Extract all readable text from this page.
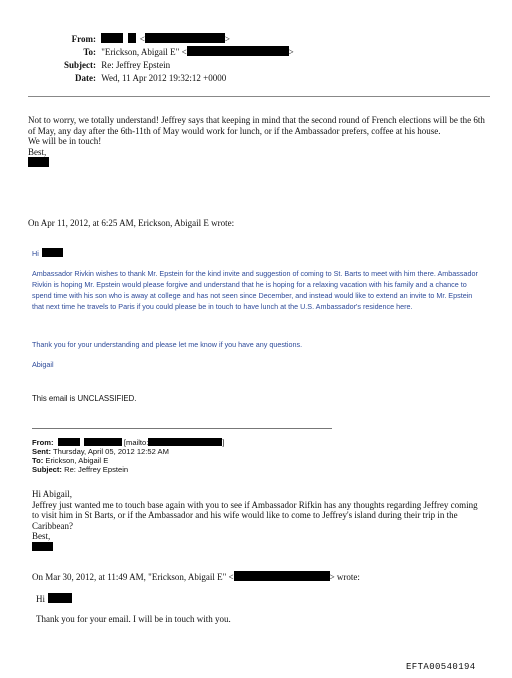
From:	<	>
To: "Erickson, Abigail E" <	>
Subject: Re: Jeffrey Epstein
Date: Wed, 11 Apr 2012 19:32:12 +0000
Not to worry, we totally understand! Jeffrey says that keeping in mind that the second round of French elections will be the 6th of May, any day after the 6th-11th of May would work for lunch, or if the Ambassador prefers, coffee at his house.
We will be in touch!
Best,
On Apr 11, 2012, at 6:25 AM, Erickson, Abigail E wrote:
Hi
Ambassador Rivkin wishes to thank Mr. Epstein for the kind invite and suggestion of coming to St. Barts to meet with him there. Ambassador Rivkin is hoping Mr. Epstein would please forgive and understand that he is hoping for a relaxing vacation with his family and a chance to spend time with his son who is away at college and has not seen since December, and instead would like to extend an invite to Mr. Epstein that next time he travels to Paris if you could please be in touch to have lunch at the U.S. Ambassador's residence here.
Thank you for your understanding and please let me know if you have any questions.
Abigail
This email is UNCLASSIFIED.
From:	[mailto:	]
Sent: Thursday, April 05, 2012 12:52 AM
To: Erickson, Abigail E
Subject: Re: Jeffrey Epstein
Hi Abigail,
Jeffrey just wanted me to touch base again with you to see if Ambassador Rifkin has any thoughts regarding Jeffrey coming to visit him in St Barts, or if the Ambassador and his wife would like to come to Jeffrey's island during their trip in the Caribbean?
Best,
On Mar 30, 2012, at 11:49 AM, "Erickson, Abigail E" <	> wrote:
Hi
Thank you for your email. I will be in touch with you.
EFTA00540194
